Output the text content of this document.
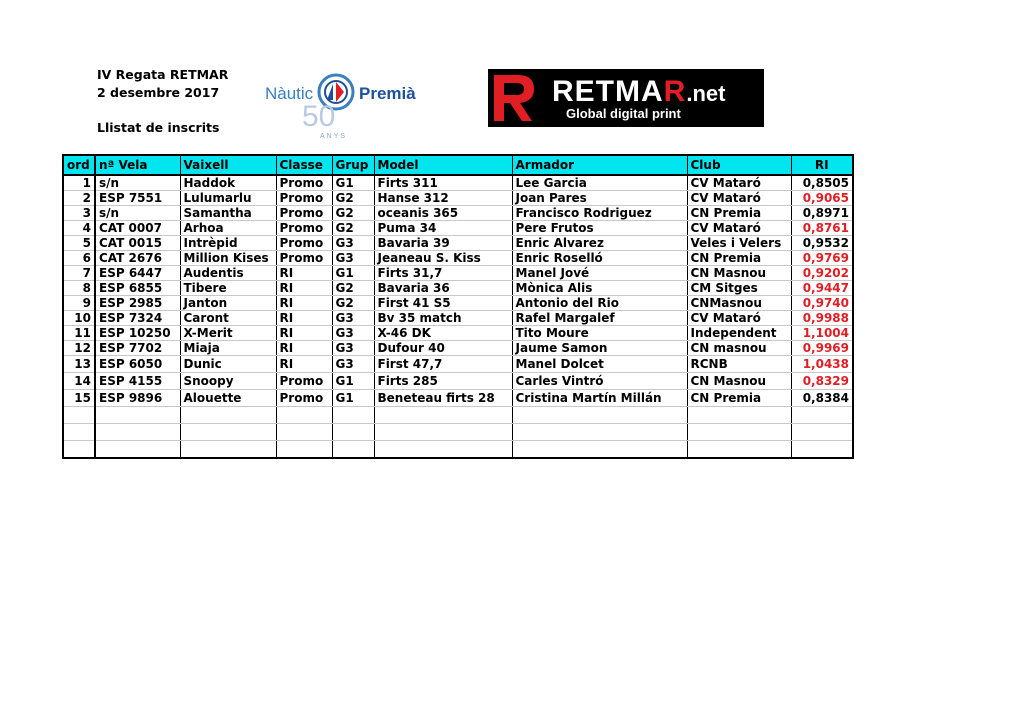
IV Regata RETMAR
2 desembre 2017
Llistat de inscrits	50
ANYS
Nàutic	Premià	RETMAR.net
Global digital print
ord	nª Vela	Vaixell	Classe	Grup	Model	Armador	Club	RI
1	s/n	Haddok	Promo	G1	Firts 311	Lee Garcia	CV Mataró	0,8505
2	ESP 7551	Lulumarlu	Promo	G2	Hanse 312	Joan Pares	CV Mataró	0,9065
3	s/n	Samantha	Promo	G2	oceanis 365	Francisco Rodriguez	CN Premia	0,8971
4	CAT 0007	Arhoa	Promo	G2	Puma 34	Pere Frutos	CV Mataró	0,8761
5	CAT 0015	Intrèpid	Promo	G3	Bavaria 39	Enric Alvarez	Veles i Velers	0,9532
6	CAT 2676	Million Kises	Promo	G3	Jeaneau S. Kiss	Enric Roselló	CN Premia	0,9769
7	ESP 6447	Audentis	RI	G1	Firts 31,7	Manel Jové	CN Masnou	0,9202
8	ESP 6855	Tibere	RI	G2	Bavaria 36	Mònica Alis	CM Sitges	0,9447
9	ESP 2985	Janton	RI	G2	First 41 S5	Antonio del Rio	CNMasnou	0,9740
10	ESP 7324	Caront	RI	G3	Bv 35 match	Rafel Margalef	CV Mataró	0,9988
11	ESP 10250	X-Merit	RI	G3	X-46 DK	Tito Moure	Independent	1,1004
12	ESP 7702	Miaja	RI	G3	Dufour 40	Jaume Samon	CN masnou	0,9969
13	ESP 6050	Dunic	RI	G3	First 47,7	Manel Dolcet	RCNB	1,0438
14	ESP 4155	Snoopy	Promo	G1	Firts 285	Carles Vintró	CN Masnou	0,8329
15	ESP 9896	Alouette	Promo	G1	Beneteau firts 28	Cristina Martín Millán	CN Premia	0,8384
